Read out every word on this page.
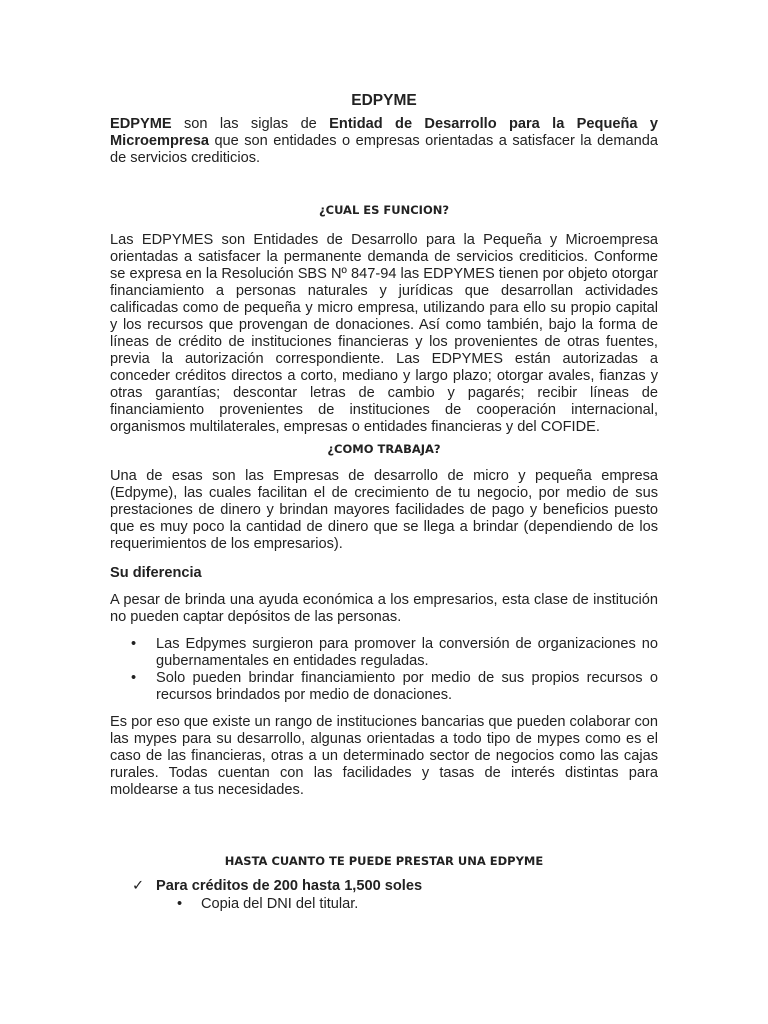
EDPYME

EDPYME son las siglas de Entidad de Desarrollo para la Pequeña y Microempresa que son entidades o empresas orientadas a satisfacer la demanda de servicios crediticios.

¿CUAL ES FUNCION?

Las EDPYMES son Entidades de Desarrollo para la Pequeña y Microempresa orientadas a satisfacer la permanente demanda de servicios crediticios. Conforme se expresa en la Resolución SBS Nº 847-94 las EDPYMES tienen por objeto otorgar financiamiento a personas naturales y jurídicas que desarrollan actividades calificadas como de pequeña y micro empresa, utilizando para ello su propio capital y los recursos que provengan de donaciones. Así como también, bajo la forma de líneas de crédito de instituciones financieras y los provenientes de otras fuentes, previa la autorización correspondiente. Las EDPYMES están autorizadas a conceder créditos directos a corto, mediano y largo plazo; otorgar avales, fianzas y otras garantías; descontar letras de cambio y pagarés; recibir líneas de financiamiento provenientes de instituciones de cooperación internacional, organismos multilaterales, empresas o entidades financieras y del COFIDE.

¿COMO TRABAJA?

Una de esas son las Empresas de desarrollo de micro y pequeña empresa (Edpyme), las cuales facilitan el de crecimiento de tu negocio, por medio de sus prestaciones de dinero y brindan mayores facilidades de pago y beneficios puesto que es muy poco la cantidad de dinero que se llega a brindar (dependiendo de los requerimientos de los empresarios).

Su diferencia

A pesar de brinda una ayuda económica a los empresarios, esta clase de institución no pueden captar depósitos de las personas.

• Las Edpymes surgieron para promover la conversión de organizaciones no gubernamentales en entidades reguladas.
• Solo pueden brindar financiamiento por medio de sus propios recursos o recursos brindados por medio de donaciones.

Es por eso que existe un rango de instituciones bancarias que pueden colaborar con las mypes para su desarrollo, algunas orientadas a todo tipo de mypes como es el caso de las financieras, otras a un determinado sector de negocios como las cajas rurales. Todas cuentan con las facilidades y tasas de interés distintas para moldearse a tus necesidades.

HASTA CUANTO TE PUEDE PRESTAR UNA EDPYME
✓ Para créditos de 200 hasta 1,500 soles
• Copia del DNI del titular.
